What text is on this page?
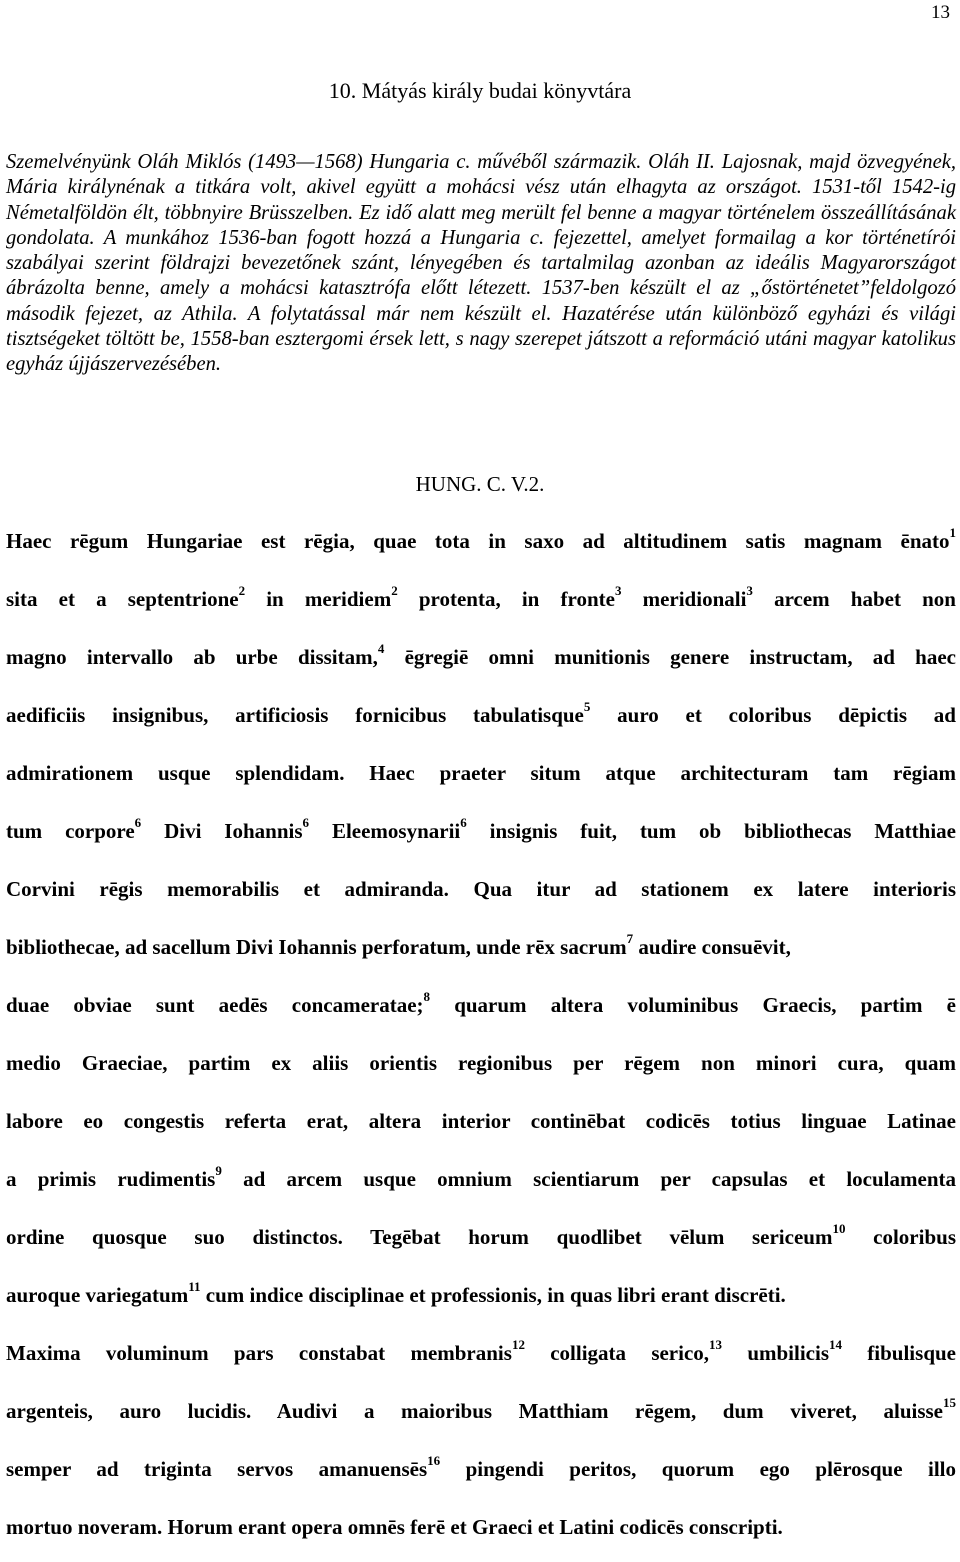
13
10. Mátyás király budai könyvtára

Szemelvényünk Oláh Miklós (1493—1568) Hungaria c. művéből származik. Oláh II. Lajosnak, majd özvegyének, Mária királynénak a titkára volt, akivel együtt a mohácsi vész után elhagyta az országot. 1531-től 1542-ig Németalföldön élt, többnyire Brüsszelben. Ez idő alatt meg merült fel benne a magyar történelem összeállításának gondolata. A munkához 1536-ban fogott hozzá a Hungaria c. fejezettel, amelyet formailag a kor történetírói szabályai szerint földrajzi bevezetőnek szánt, lényegében és tartalmilag azonban az ideális Magyarországot ábrázolta benne, amely a mohácsi katasztrófa előtt létezett. 1537-ben készült el az „őstörténetet”feldolgozó második fejezet, az Athila. A folytatással már nem készült el. Hazatérése után különböző egyházi és világi tisztségeket töltött be, 1558-ban esztergomi érsek lett, s nagy szerepet játszott a reformáció utáni magyar katolikus egyház újjászervezésében.

HUNG. C. V.2.
Haec rēgum Hungariae est rēgia, quae tota in saxo ad altitudinem satis magnam ēnato$^1$
sita et a septentrione$^2$ in meridiem$^2$ protenta, in fronte$^3$ meridionali$^3$ arcem habet non
magno intervallo ab urbe dissitam,$^4$ ēgregiē omni munitionis genere instructam, ad haec
aedificiis insignibus, artificiosis fornicibus tabulatisque$^5$ auro et coloribus dēpictis ad
admirationem usque splendidam. Haec praeter situm atque architecturam tam rēgiam
tum corpore$^6$ Divi Iohannis$^6$ Eleemosynarii$^6$ insignis fuit, tum ob bibliothecas Matthiae
Corvini rēgis memorabilis et admiranda. Qua itur ad stationem ex latere interioris
bibliothecae, ad sacellum Divi Iohannis perforatum, unde rēx sacrum$^7$ audire consuēvit,
duae obviae sunt aedēs concameratae;$^8$ quarum altera voluminibus Graecis, partim ē
medio Graeciae, partim ex aliis orientis regionibus per rēgem non minori cura, quam
labore eo congestis referta erat, altera interior continēbat codicēs totius linguae Latinae
a primis rudimentis$^9$ ad arcem usque omnium scientiarum per capsulas et loculamenta
ordine quosque suo distinctos. Tegēbat horum quodlibet vēlum sericeum$^{10}$ coloribus
auroque variegatum$^{11}$ cum indice disciplinae et professionis, in quas libri erant discrēti.
Maxima voluminum pars constabat membranis$^{12}$ colligata serico,$^{13}$ umbilicis$^{14}$ fibulisque
argenteis, auro lucidis. Audivi a maioribus Matthiam rēgem, dum viveret, aluisse$^{15}$
semper ad triginta servos amanuensēs$^{16}$ pingendi peritos, quorum ego plērosque illo
mortuo noveram. Horum erant opera omnēs ferē et Graeci et Latini codicēs conscripti.
